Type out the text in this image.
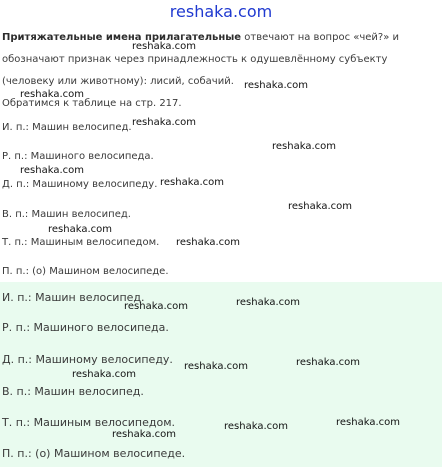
reshaka.com
Притяжательные имена прилагательные отвечают на вопрос «чей?» и обозначают признак через принадлежность к одушевлённому субъекту (человеку или животному): лисий, собачий.
Обратимся к таблице на стр. 217.
И. п.: Машин велосипед.
Р. п.: Машиного велосипеда.
Д. п.: Машиному велосипеду.
В. п.: Машин велосипед.
Т. п.: Машиным велосипедом.
П. п.: (о) Машином велосипеде.
И. п.: Машин велосипед.
Р. п.: Машиного велосипеда.
Д. п.: Машиному велосипеду.
В. п.: Машин велосипед.
Т. п.: Машиным велосипедом.
П. п.: (о) Машином велосипеде.
reshaka.com
reshaka.com
reshaka.com
reshaka.com
reshaka.com
reshaka.com
reshaka.com
reshaka.com
reshaka.com
reshaka.com
reshaka.com
reshaka.com
reshaka.com
reshaka.com
reshaka.com
reshaka.com
reshaka.com
reshaka.com
